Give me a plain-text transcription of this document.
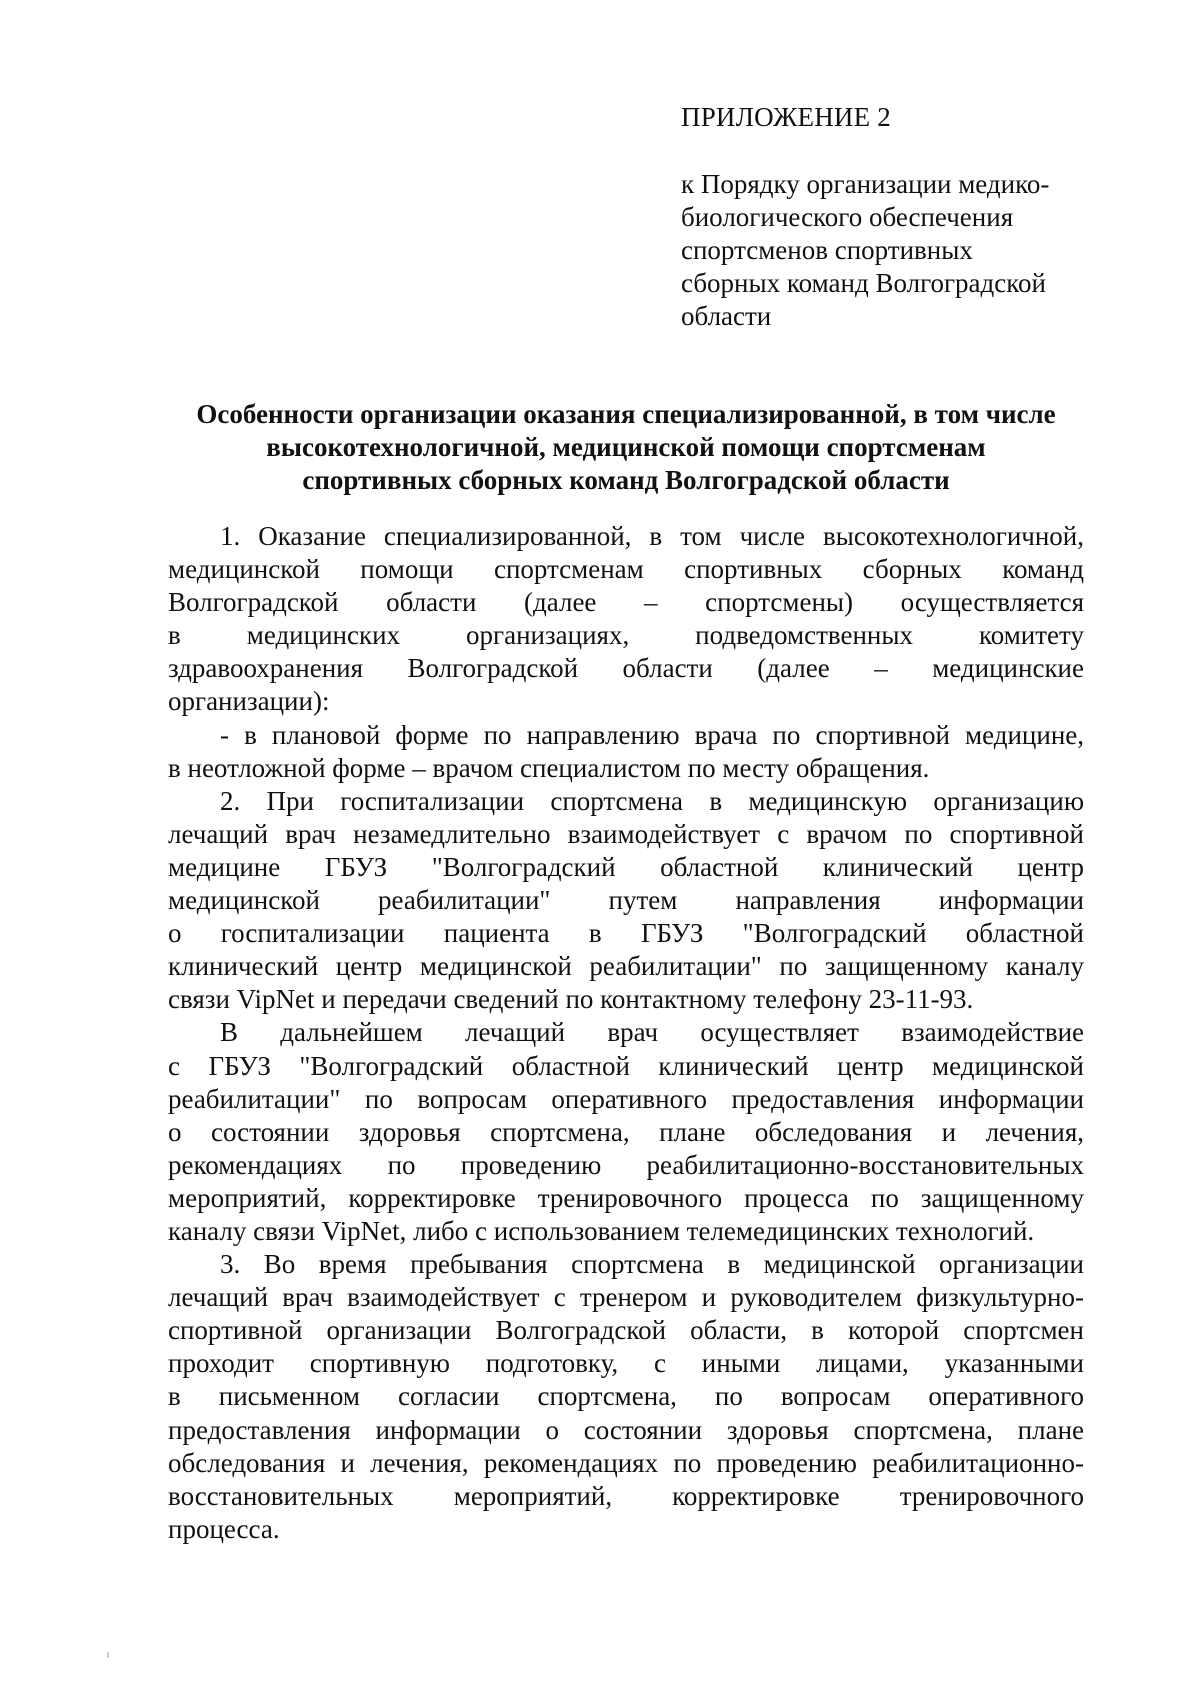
ПРИЛОЖЕНИЕ 2

к Порядку организации медико-
биологического обеспечения
спортсменов спортивных
сборных команд Волгоградской
области

Особенности организации оказания специализированной, в том числе
высокотехнологичной, медицинской помощи спортсменам
спортивных сборных команд Волгоградской области
1. Оказание специализированной, в том числе высокотехнологичной,
медицинской помощи спортсменам спортивных сборных команд
Волгоградской области (далее – спортсмены) осуществляется
в медицинских организациях, подведомственных комитету
здравоохранения Волгоградской области (далее – медицинские
организации):
- в плановой форме по направлению врача по спортивной медицине,
в неотложной форме – врачом специалистом по месту обращения.
2. При госпитализации спортсмена в медицинскую организацию
лечащий врач незамедлительно взаимодействует с врачом по спортивной
медицине ГБУЗ "Волгоградский областной клинический центр
медицинской реабилитации" путем направления информации
о госпитализации пациента в ГБУЗ "Волгоградский областной
клинический центр медицинской реабилитации" по защищенному каналу
связи VipNet и передачи сведений по контактному телефону 23-11-93.
В дальнейшем лечащий врач осуществляет взаимодействие
с ГБУЗ "Волгоградский областной клинический центр медицинской
реабилитации" по вопросам оперативного предоставления информации
о состоянии здоровья спортсмена, плане обследования и лечения,
рекомендациях по проведению реабилитационно-восстановительных
мероприятий, корректировке тренировочного процесса по защищенному
каналу связи VipNet, либо с использованием телемедицинских технологий.
3. Во время пребывания спортсмена в медицинской организации
лечащий врач взаимодействует с тренером и руководителем физкультурно-
спортивной организации Волгоградской области, в которой спортсмен
проходит спортивную подготовку, с иными лицами, указанными
в письменном согласии спортсмена, по вопросам оперативного
предоставления информации о состоянии здоровья спортсмена, плане
обследования и лечения, рекомендациях по проведению реабилитационно-
восстановительных мероприятий, корректировке тренировочного
процесса.
